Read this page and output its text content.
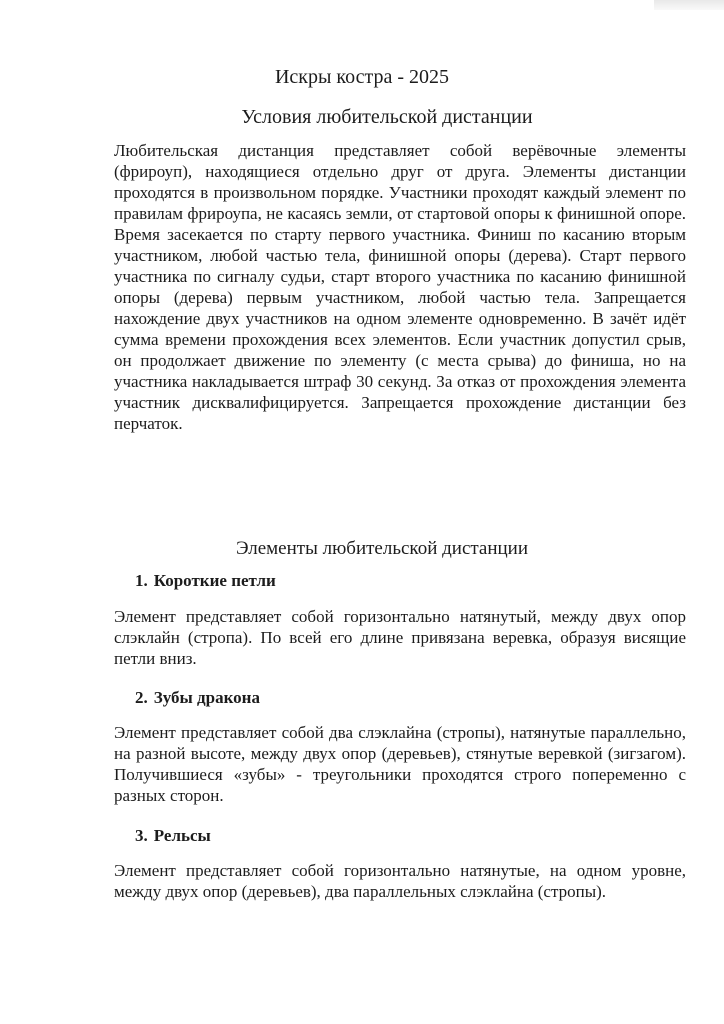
Искры костра - 2025
Условия любительской дистанции

Любительская дистанция представляет собой верёвочные элементы (фрироуп), находящиеся отдельно друг от друга. Элементы дистанции проходятся в произвольном порядке. Участники проходят каждый элемент по правилам фрироупа, не касаясь земли, от стартовой опоры к финишной опоре. Время засекается по старту первого участника. Финиш по касанию вторым участником, любой частью тела, финишной опоры (дерева). Старт первого участника по сигналу судьи, старт второго участника по касанию финишной опоры (дерева) первым участником, любой частью тела. Запрещается нахождение двух участников на одном элементе одновременно. В зачёт идёт сумма времени прохождения всех элементов. Если участник допустил срыв, он продолжает движение по элементу (с места срыва) до финиша, но на участника накладывается штраф 30 секунд. За отказ от прохождения элемента участник дисквалифицируется. Запрещается прохождение дистанции без перчаток.

Элементы любительской дистанции
1. Короткие петли

Элемент представляет собой горизонтально натянутый, между двух опор слэклайн (стропа). По всей его длине привязана веревка, образуя висящие петли вниз.

2. Зубы дракона

Элемент представляет собой два слэклайна (стропы), натянутые параллельно, на разной высоте, между двух опор (деревьев), стянутые веревкой (зигзагом). Получившиеся «зубы» - треугольники проходятся строго попеременно с разных сторон.

3. Рельсы

Элемент представляет собой горизонтально натянутые, на одном уровне, между двух опор (деревьев), два параллельных слэклайна (стропы).
